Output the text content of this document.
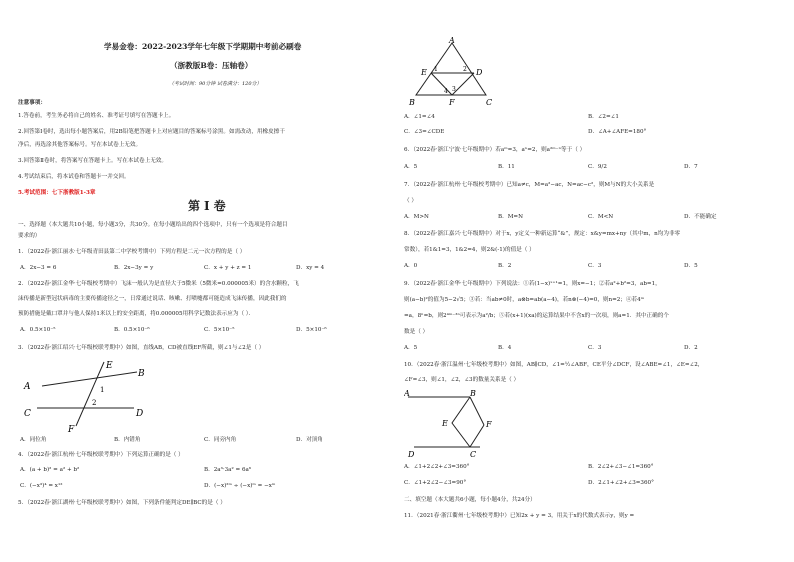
学易金卷：2022-2023学年七年级下学期期中考前必刷卷
（浙教版B卷：压轴卷）
（考试时间：90分钟 试卷满分：120分）
注意事项：
1.答卷前，考生务必将自己的姓名、准考证号填写在答题卡上。
2.回答第Ⅰ卷时，选出每小题答案后，用2B铅笔把答题卡上对应题目的答案标号涂黑。如需改动，用橡皮擦干
净后，再选涂其他答案标号。写在本试卷上无效。
3.回答第Ⅱ卷时，将答案写在答题卡上。写在本试卷上无效。
4.考试结束后，将本试卷和答题卡一并交回。
5.考试范围：七下浙教版1-3章
第Ⅰ卷
一、选择题（本大题共10小题，每小题3分，共30分。在每小题给出的四个选项中，只有一个选项是符合题目
要求的）
1．（2022春·浙江丽水·七年级青田县第二中学校考期中）下列方程是二元一次方程的是（ ）
A．2x−3 = 6	B．2x−3y = y	C．x + y + z = 1	D．xy = 4
2．（2022春·浙江金华·七年级校考期中）飞沫一般认为是直径大于5微米（5微米=0.000005米）的含水颗粒，飞
沫传播是新型冠状病毒的主要传播途径之一，日常通过说话、咳嗽、打喷嚏都可能造成飞沫传播，因此我们的
预防措施是戴口罩并与他人保持1米以上的安全距离，将0.000005用科学记数法表示应为（ ）．
A．0.5×10⁻⁵	B．0.5×10⁻⁶	C．5×10⁻⁵	D．5×10⁻⁶
3．（2022春·浙江绍兴·七年级校联考期中）如图，直线AB，CD被直线EF所截，则∠1与∠2是（ ）
A
B
C	D
E
F
1
2
A．同位角	B．内错角	C．同旁内角	D．对顶角
4．（2022春·浙江杭州·七年级校联考期中）下列运算正确的是（ ）
A．(a + b)² = a² + b²	B．2a³·3a² = 6a⁶
C．(−x³)⁴ = x¹²	D．(−x)²ᵐ ÷ (−x)ᵐ = −xᵐ
5．（2022春·浙江湖州·七年级校联考期中）如图，下列条件能判定DE∥BC的是（ ）
A
B	C
D
E
F
1	2
3
4
A．∠1=∠4	B．∠2=∠1
C．∠3=∠CDE	D．∠A+∠AFE=180°
6．（2022春·浙江宁波·七年级期中）若aᵐ=3，aⁿ=2，则a²ᵐ⁻ⁿ等于（ ）
A．5	B．11	C．9/2	D．7
7．（2022春·浙江杭州·七年级校考期中）已知a≠c，M=a²−ac，N=ac−c²，则M与N的大小关系是
（ ）
A．M>N	B．M=N	C．M<N	D．不能确定
8．（2022春·浙江嘉兴·七年级期中）对于x，y定义一种新运算“&”，规定：x&y=mx+ny（其中m，n均为非零
常数），若1&1=3，1&2=4，则2&(-1)的值是（ ）
A．0	B．2	C．3	D．5
9．（2022春·浙江金华·七年级期中）下列说法：①若(1−x)ˣ⁺¹=1，则x=−1；②若a²+b²=3，ab=1，
则(a−b)²的值为5−2√5；③若：当ab≠0时，a⊗b=ab(a−4)，若n⊗(−4)=0，则n=2；④若4ᵐ
=a，8ⁿ=b，则2⁴ᵐ⁻³ⁿ可表示为a²/b；⑤若(x+1)(xa)的运算结果中不含x的一次项，则a=1．其中正确的个
数是（ ）
A．5	B．4	C．3	D．2
10．（2022春·浙江温州·七年级校考期中）如图，AB∥CD，∠1=½∠ABF，CE平分∠DCF，设∠ABE=∠1，∠E=∠2，
∠F=∠3，则∠1，∠2，∠3的数量关系是（ ）
A	B
D	C
E	F
A．∠1+2∠2+∠3=360°	B．2∠2+∠3−∠1=360°
C．∠1+2∠2−∠3=90°	D．2∠1+∠2+∠3=360°
二、填空题（本大题共6小题，每小题4分，共24分）
11．（2021春·浙江衢州·七年级校考期中）已知2x + y = 3，用关于x的代数式表示y，则y =
